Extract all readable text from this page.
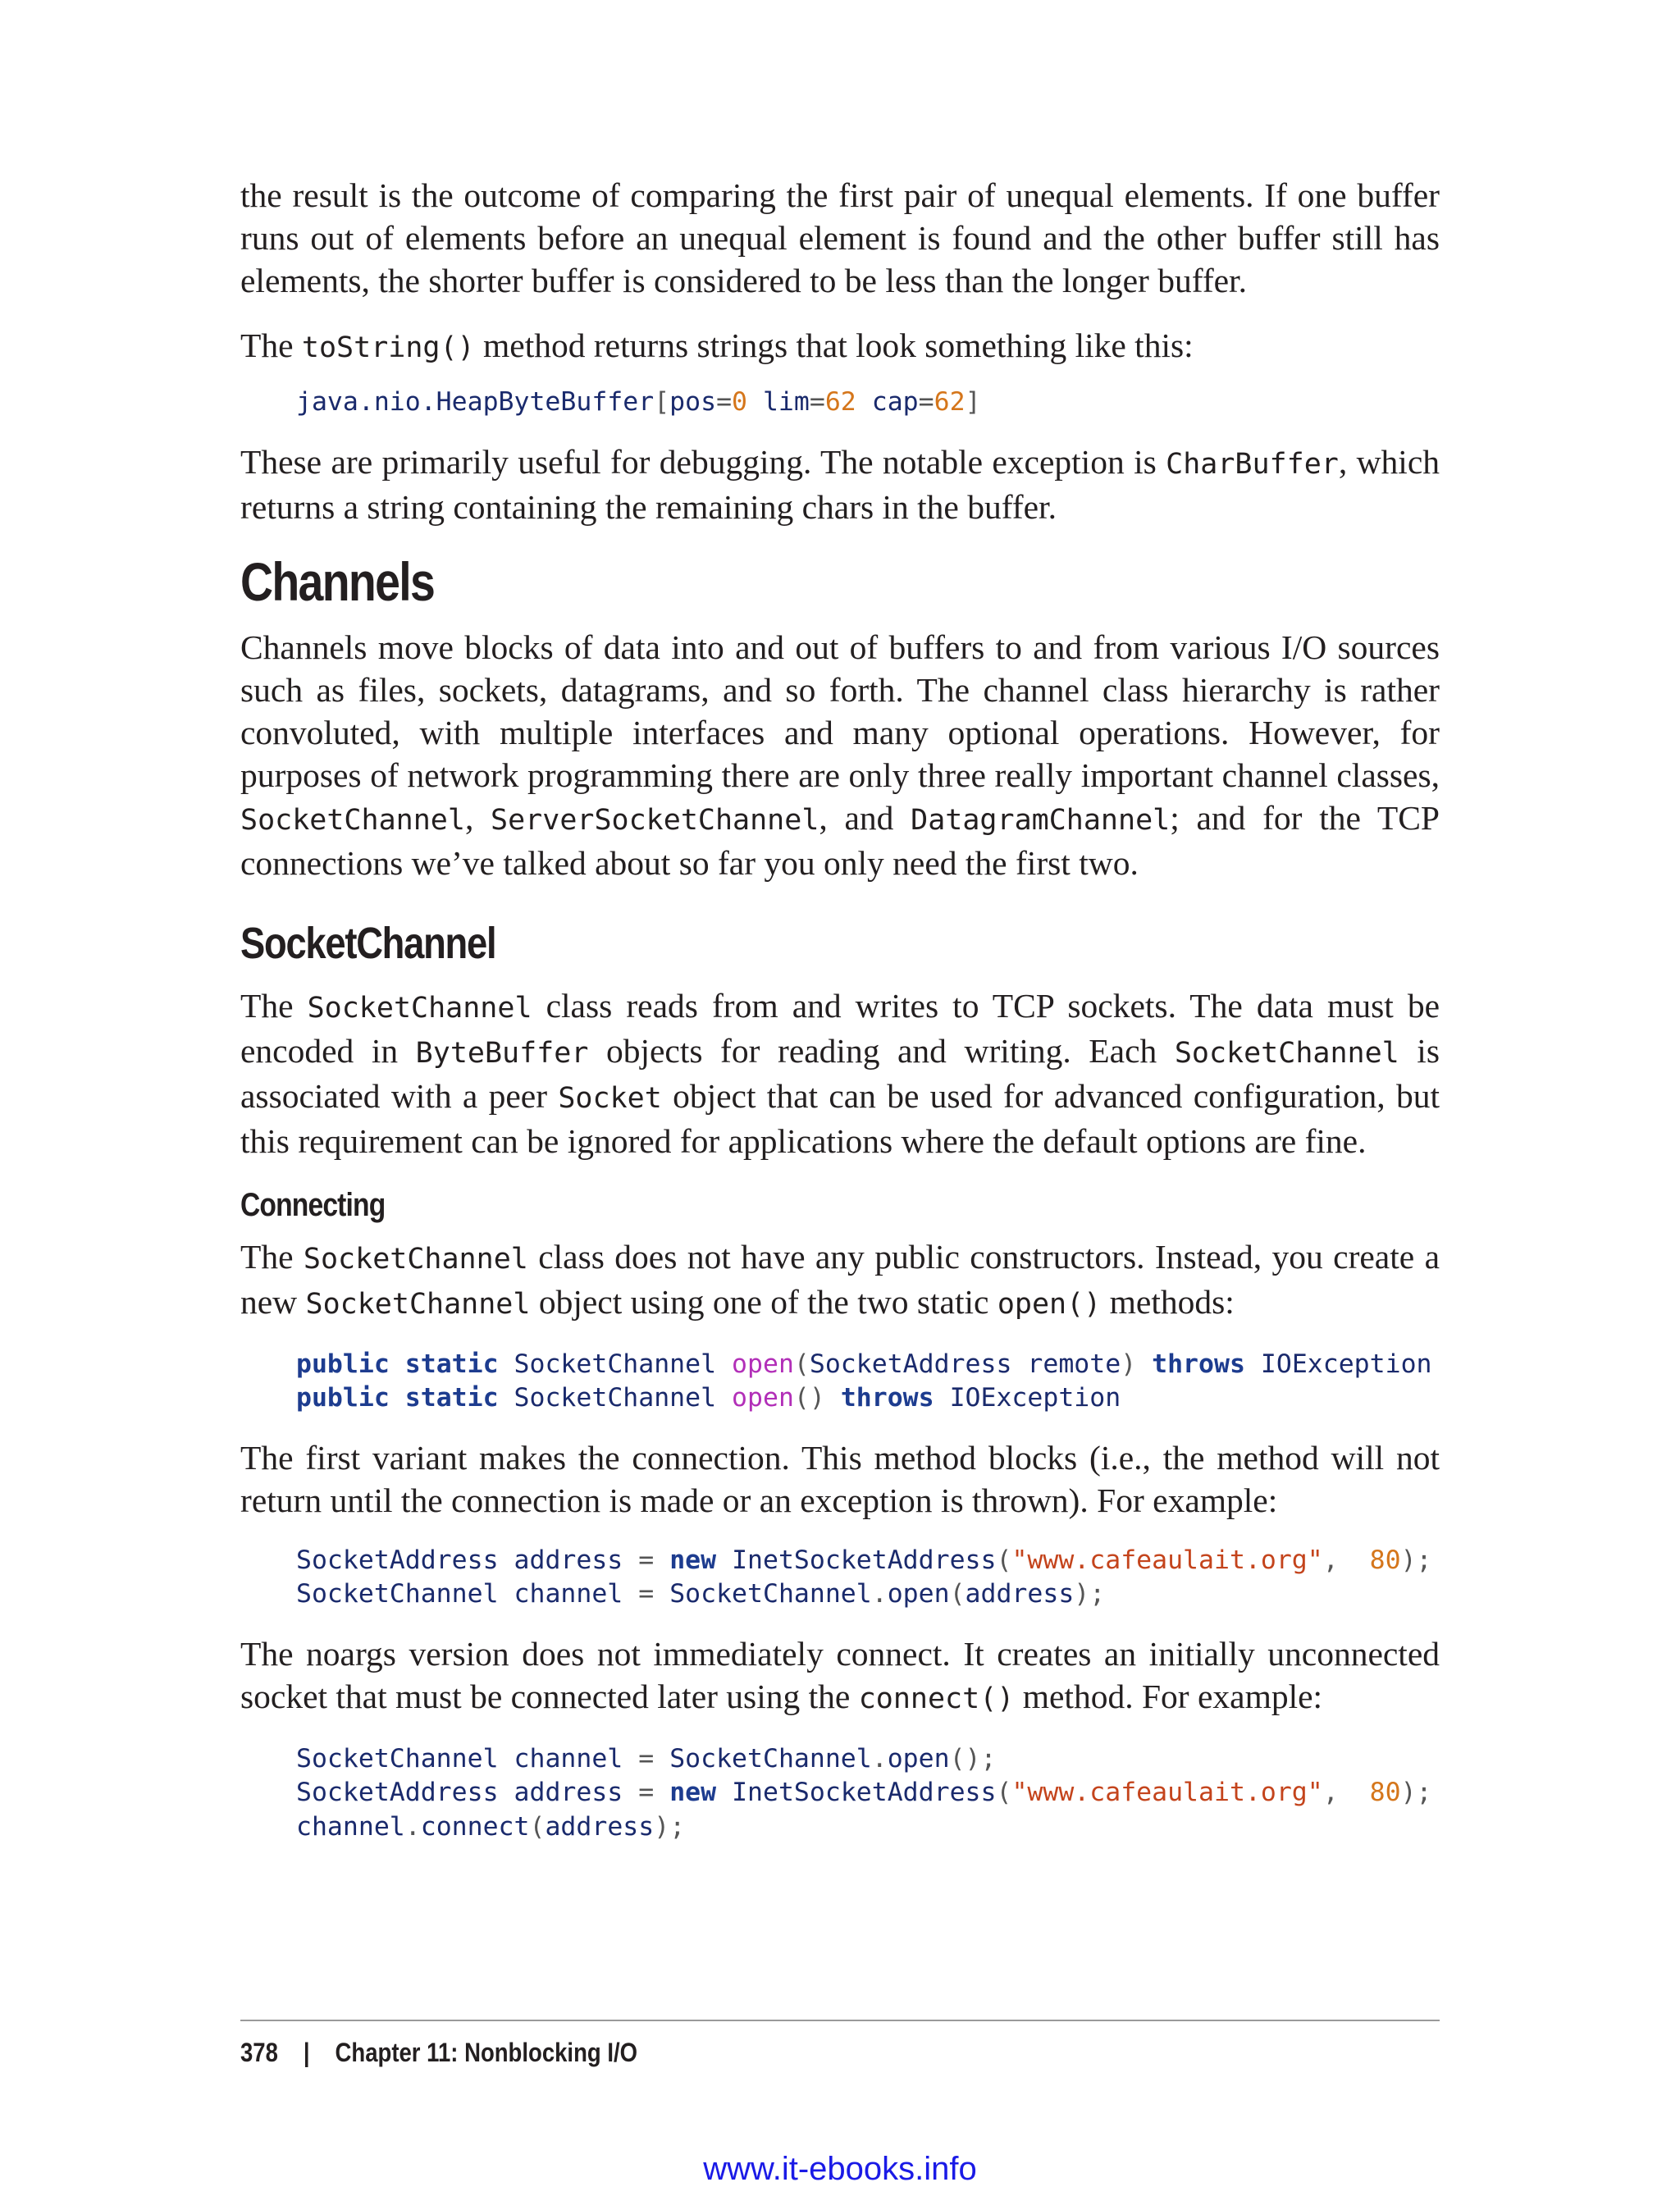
the result is the outcome of comparing the first pair of unequal elements. If one buffer runs out of elements before an unequal element is found and the other buffer still has elements, the shorter buffer is considered to be less than the longer buffer.

The toString() method returns strings that look something like this:

java.nio.HeapByteBuffer[pos=0 lim=62 cap=62]

These are primarily useful for debugging. The notable exception is CharBuffer, which returns a string containing the remaining chars in the buffer.

Channels

Channels move blocks of data into and out of buffers to and from various I/O sources such as files, sockets, datagrams, and so forth. The channel class hierarchy is rather convoluted, with multiple interfaces and many optional operations. However, for purposes of network programming there are only three really important channel classes, SocketChannel, ServerSocketChannel, and DatagramChannel; and for the TCP connections we’ve talked about so far you only need the first two.

SocketChannel

The SocketChannel class reads from and writes to TCP sockets. The data must be encoded in ByteBuffer objects for reading and writing. Each SocketChannel is associated with a peer Socket object that can be used for advanced configuration, but this requirement can be ignored for applications where the default options are fine.

Connecting

The SocketChannel class does not have any public constructors. Instead, you create a new SocketChannel object using one of the two static open() methods:

public static SocketChannel open(SocketAddress remote) throws IOException
public static SocketChannel open() throws IOException

The first variant makes the connection. This method blocks (i.e., the method will not return until the connection is made or an exception is thrown). For example:

SocketAddress address = new InetSocketAddress("www.cafeaulait.org", 80);
SocketChannel channel = SocketChannel.open(address);

The noargs version does not immediately connect. It creates an initially unconnected socket that must be connected later using the connect() method. For example:

SocketChannel channel = SocketChannel.open();
SocketAddress address = new InetSocketAddress("www.cafeaulait.org", 80);
channel.connect(address);
378 | Chapter 11: Nonblocking I/O
www.it-ebooks.info
